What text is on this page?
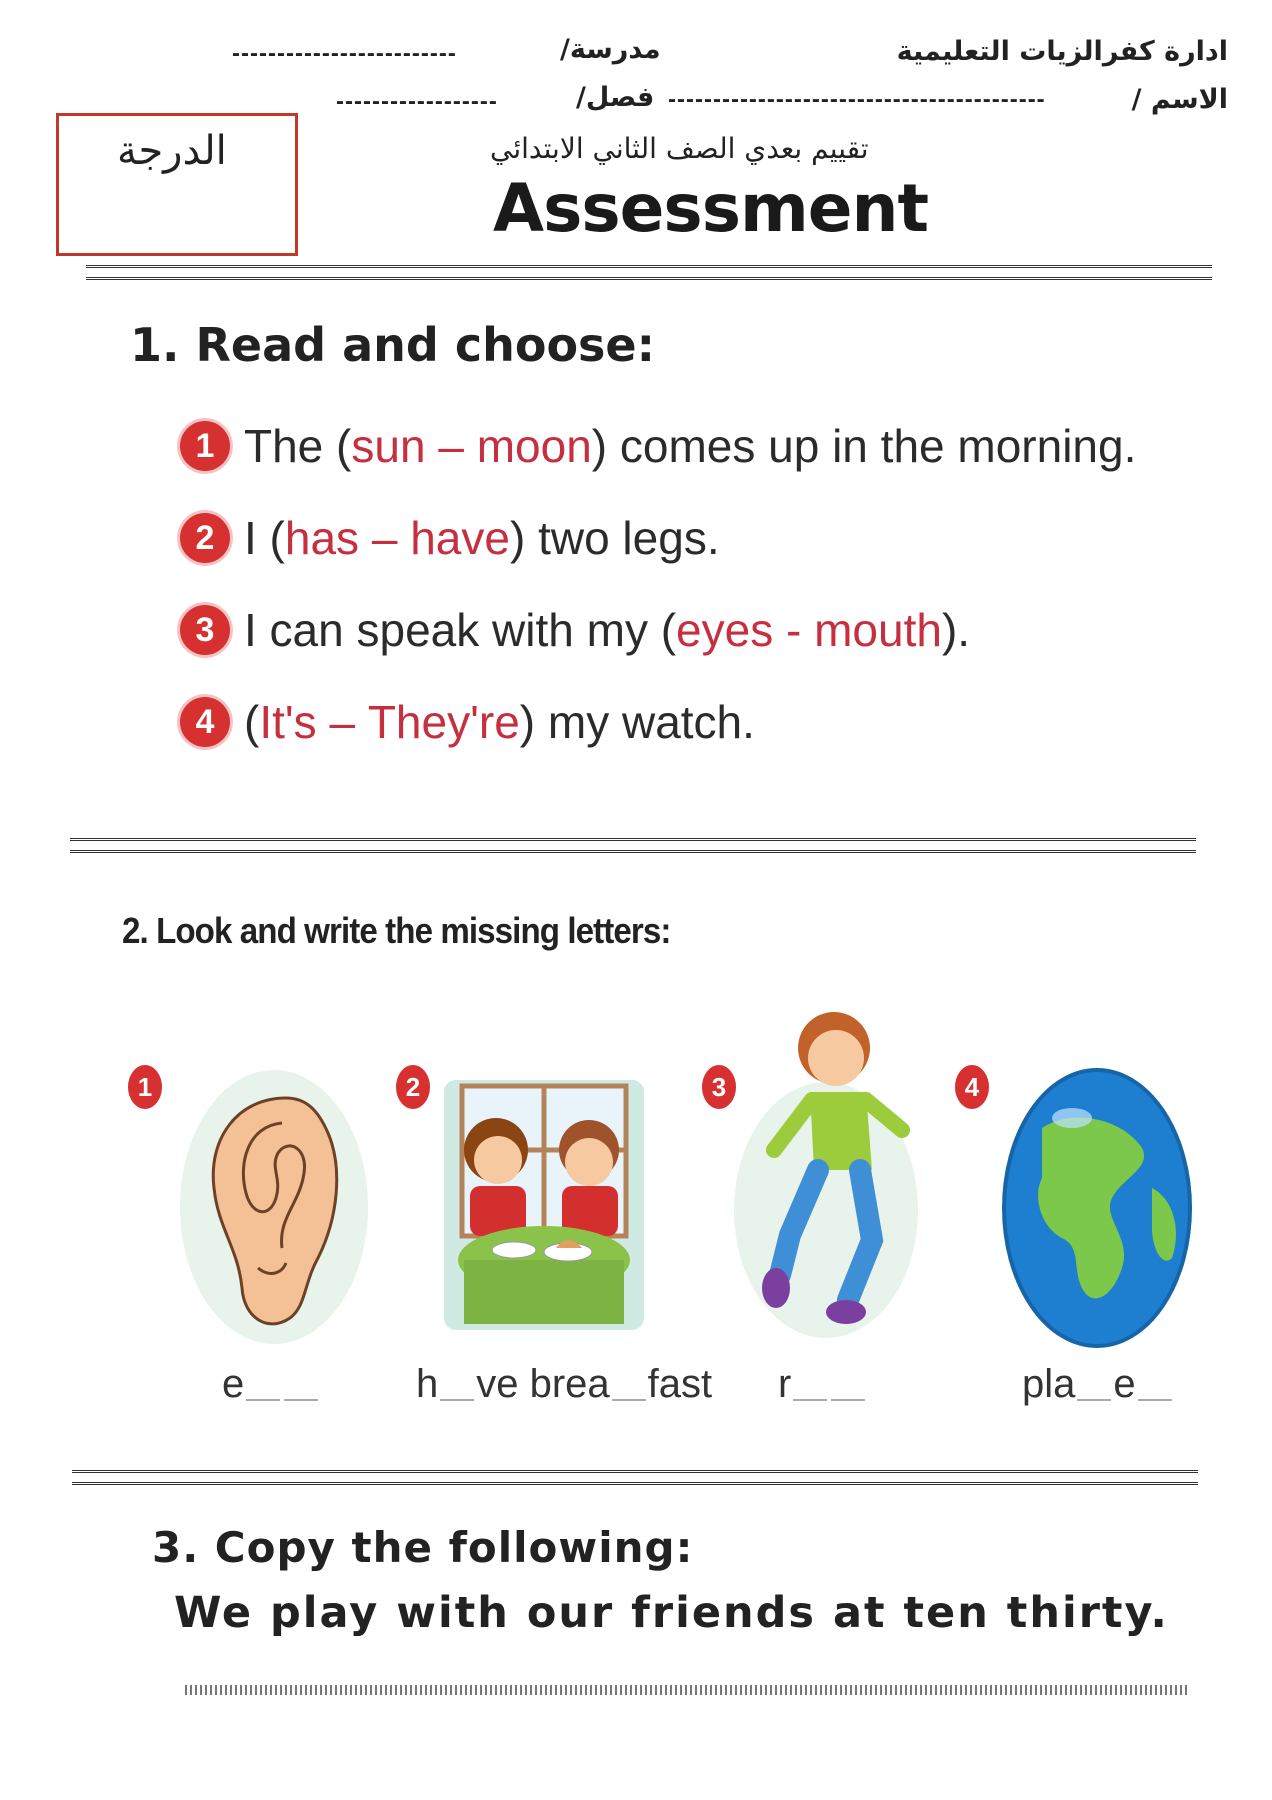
ادارة كفرالزيات التعليمية
الاسم /
------------------------------------------
-------------------------	مدرسة/
------------------	فصل/
الدرجة	تقييم بعدي الصف الثاني الابتدائي
Assessment
1. Read and choose:
1 The ( sun – moon ) comes up in the morning.
2 I ( has – have ) two legs.
3 I can speak with my ( eyes - mouth ).
4 ( It's – They're ) my watch.
2. Look and write the missing letters:
1
e
2
h ve brea fast
3
r
4
pla e
3. Copy the following:
We play with our friends at ten thirty.
